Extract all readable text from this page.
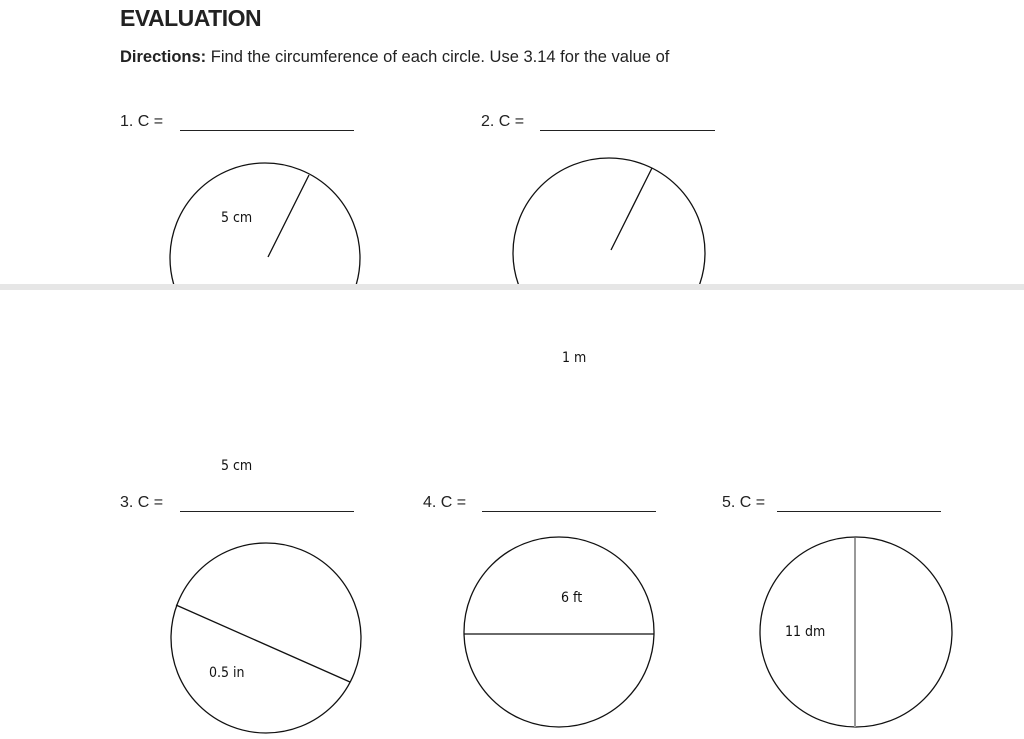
EVALUATION
Directions: Find the circumference of each circle. Use 3.14 for the value of
1. C =	2. C =
3. C =	4. C =	5. C =
5 cm
1 m
5 cm
0.5 in
6 ft
11 dm
